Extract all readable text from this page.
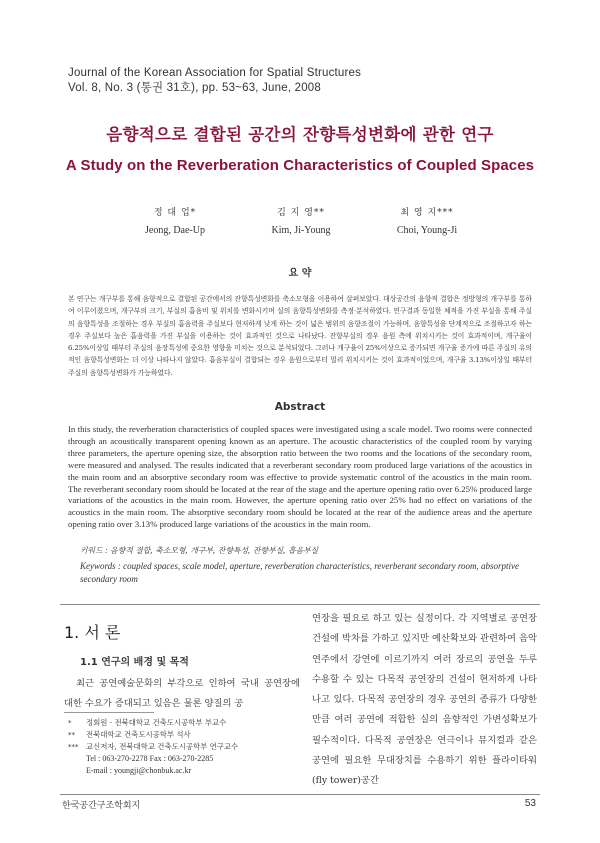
Journal of the Korean Association for Spatial Structures
Vol. 8, No. 3 (통권 31호), pp. 53~63, June, 2008
음향적으로 결합된 공간의 잔향특성변화에 관한 연구
A Study on the Reverberation Characteristics of Coupled Spaces
정 대 업*
Jeong, Dae-Up
김 지 영**
Kim, Ji-Young
최 영 지***
Choi, Young-Ji
요 약
본 연구는 개구부를 통해 음향적으로 결합된 공간에서의 잔향특성변화를 축소모형을 이용하여 살펴보았다. 대상공간의 음향적 결합은 정방형의 개구부를 통하여 이루어졌으며, 개구부의 크기, 부실의 흡음비 및 위치를 변화시키며 실의 음향특성변화를 측정·분석하였다. 연구결과 동일한 체적을 가진 부실을 통해 주실의 음향특성을 조절하는 경우 부실의 흡음력을 주실보다 현저하게 낮게 하는 것이 넓은 범위의 음향조절이 가능하며, 음향특성을 단계적으로 조절하고자 하는 경우 주실보다 높은 흡음력을 가진 부실을 이용하는 것이 효과적인 것으로 나타났다. 잔향부실의 경우 음원 측에 위치시키는 것이 효과적이며, 개구율이 6.25%이상일 때부터 주실의 음장특성에 중요한 영향을 미치는 것으로 분석되었다. 그러나 개구율이 25%이상으로 증가되면 개구율 증가에 따른 주실의 유의적인 음향특성변화는 더 이상 나타나지 않았다. 흡음부실이 결합되는 경우 음원으로부터 멀리 위치시키는 것이 효과적이었으며, 개구율 3.13%이상일 때부터 주실의 음향특성변화가 가능하였다.
Abstract
In this study, the reverberation characteristics of coupled spaces were investigated using a scale model. Two rooms were connected through an acoustically transparent opening known as an aperture. The acoustic characteristics of the coupled room by varying three parameters, the aperture opening size, the absorption ratio between the two rooms and the locations of the secondary room, were measured and analysed. The results indicated that a reverberant secondary room produced large variations of the acoustics in the main room and an absorptive secondary room was effective to provide systematic control of the acoustics in the main room. The reverberant secondary room should be located at the rear of the stage and the aperture opening ratio over 6.25% produced large variations of the acoustics in the main room. However, the aperture opening ratio over 25% had no effect on variations of the acoustics in the main room. The absorptive secondary room should be located at the rear of the audience areas and the aperture opening ratio over 3.13% produced large variations of the acoustics in the main room.
키워드 : 음향적 결합, 축소모형, 개구부, 잔향특성, 잔향부실, 흡음부실
Keywords : coupled spaces, scale model, aperture, reverberation characteristics, reverberant secondary room, absorptive secondary room
1. 서 론
1.1 연구의 배경 및 목적
최근 공연예술문화의 부각으로 인하여 국내 공연장에 대한 수요가 증대되고 있음은 물론 양질의 공
* 정회원 · 전북대학교 건축도시공학부 부교수
** 전북대학교 건축도시공학부 석사
*** 교신저자, 전북대학교 건축도시공학부 연구교수
Tel : 063-270-2278 Fax : 063-270-2285
E-mail : youngji@chonbuk.ac.kr
연장을 필요로 하고 있는 실정이다. 각 지역별로 공연장 건설에 박차를 가하고 있지만 예산확보와 관련하여 음악연주에서 강연에 이르기까지 여러 장르의 공연을 두루 수용할 수 있는 다목적 공연장의 건설이 현저하게 나타나고 있다. 다목적 공연장의 경우 공연의 종류가 다양한 만큼 여러 공연에 적합한 실의 음향적인 가변성확보가 필수적이다. 다목적 공연장은 연극이나 뮤지컬과 같은 공연에 필요한 무대장치를 수용하기 위한 플라이타워(fly tower)공간
한국공간구조학회지	53
